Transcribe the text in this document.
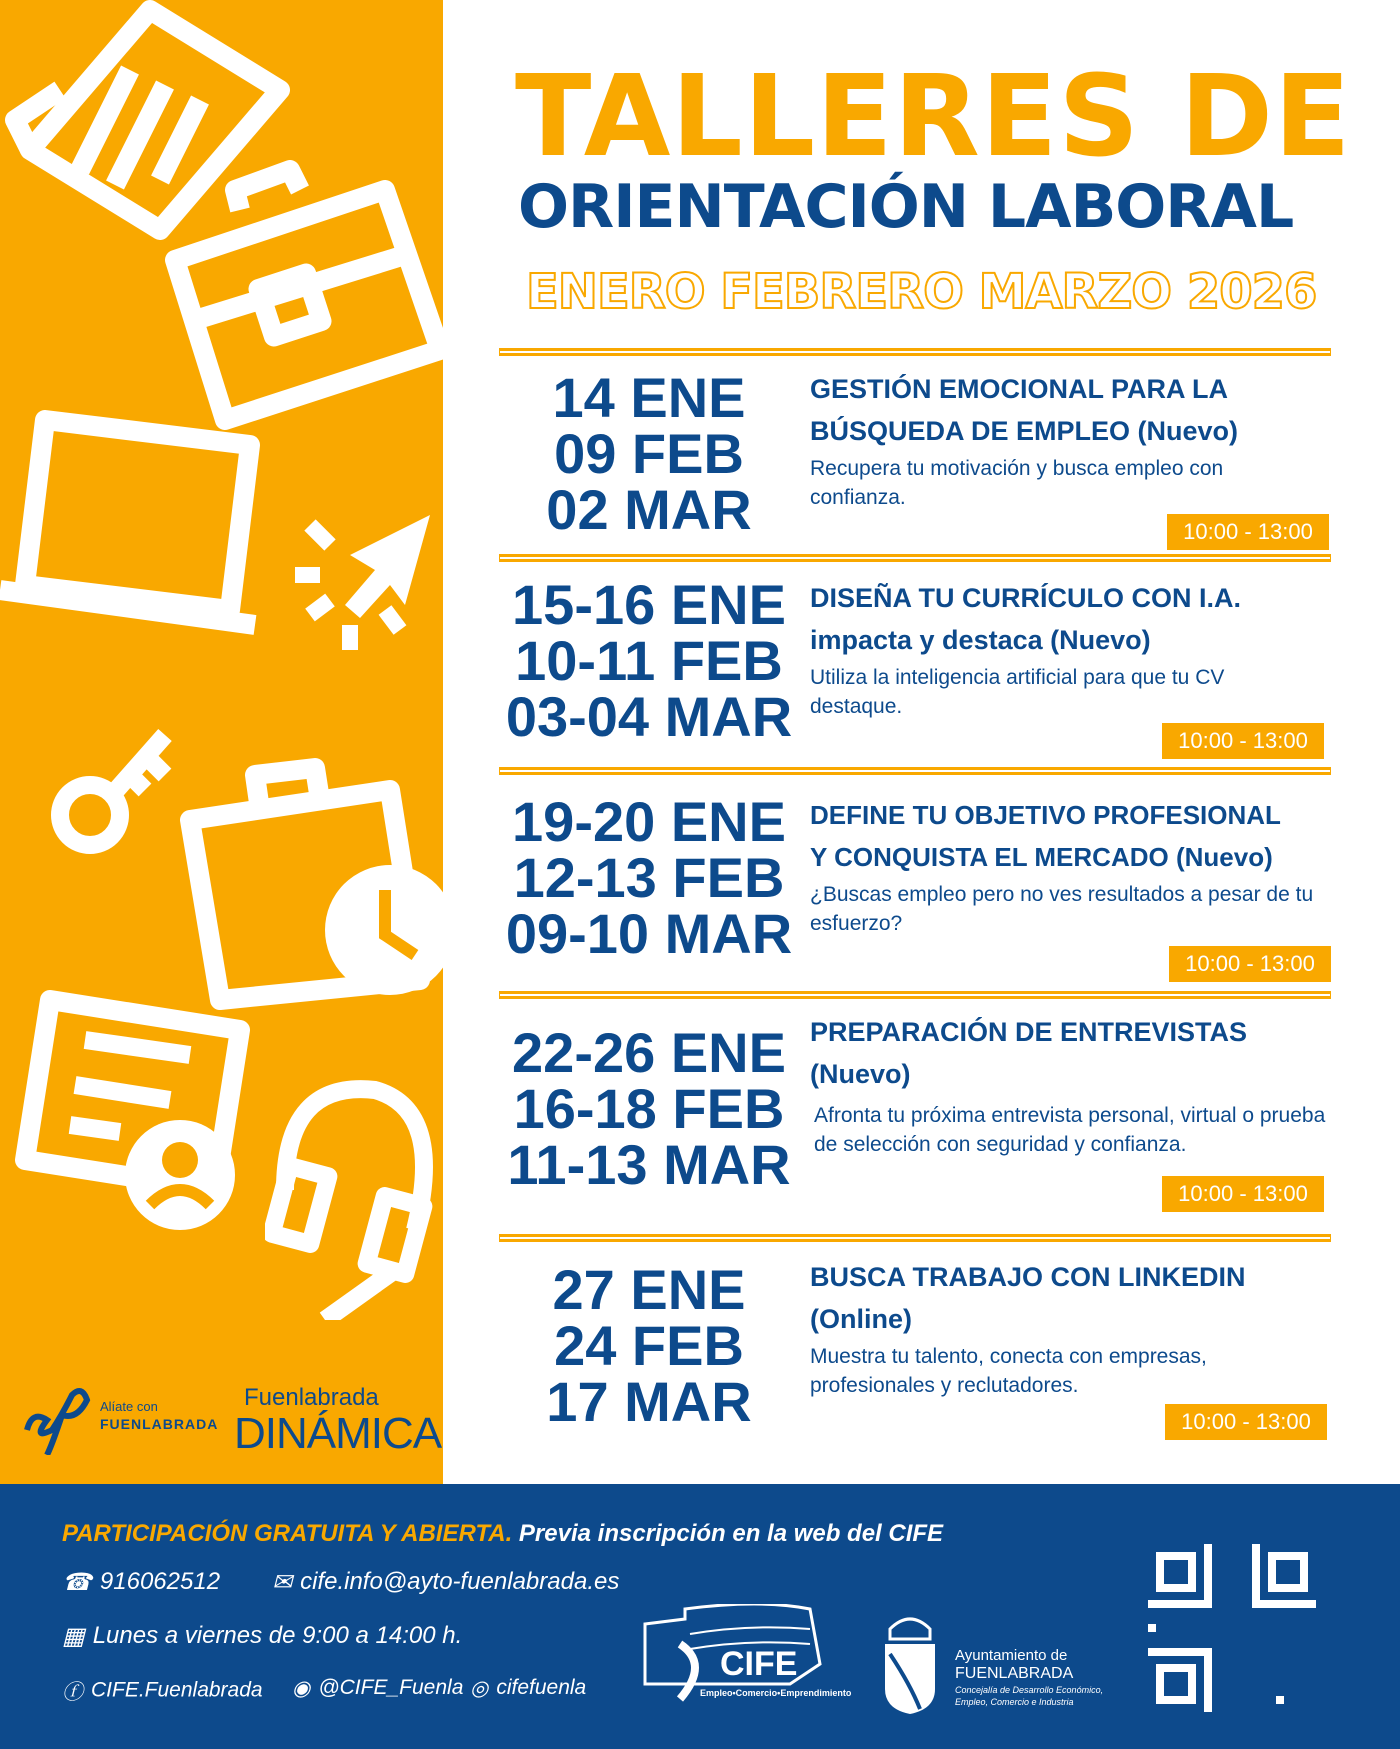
Alíate con
FUENLABRADA
Fuenlabrada
DINÁMICA
TALLERES DE
ORIENTACIÓN LABORAL
ENERO FEBRERO MARZO 2026
14 ENE
09 FEB
02 MAR
GESTIÓN EMOCIONAL PARA LA
BÚSQUEDA DE EMPLEO (Nuevo)
Recupera tu motivación y busca empleo con confianza.
10:00 - 13:00
15-16 ENE
10-11 FEB
03-04 MAR
DISEÑA TU CURRÍCULO CON I.A.
impacta y destaca (Nuevo)
Utiliza la inteligencia artificial para que tu CV destaque.
10:00 - 13:00
19-20 ENE
12-13 FEB
09-10 MAR
DEFINE TU OBJETIVO PROFESIONAL
Y CONQUISTA EL MERCADO (Nuevo)
¿Buscas empleo pero no ves resultados a pesar de tu esfuerzo?
10:00 - 13:00
22-26 ENE
16-18 FEB
11-13 MAR
PREPARACIÓN DE ENTREVISTAS
(Nuevo)
Afronta tu próxima entrevista personal, virtual o prueba de selección con seguridad y confianza.
10:00 - 13:00
27 ENE
24 FEB
17 MAR
BUSCA TRABAJO CON LINKEDIN
(Online)
Muestra tu talento, conecta con empresas, profesionales y reclutadores.
10:00 - 13:00
PARTICIPACIÓN GRATUITA Y ABIERTA. Previa inscripción en la web del CIFE
☎ 916062512 ✉ cife.info@ayto-fuenlabrada.es
▦ Lunes a viernes de 9:00 a 14:00 h.
ⓕ CIFE.Fuenlabrada ◉ @CIFE_Fuenla ◎ cifefuenla
CIFE
Empleo•Comercio•Emprendimiento
Ayuntamiento de
FUENLABRADA
Concejalía de Desarrollo Económico,
Empleo, Comercio e Industria
